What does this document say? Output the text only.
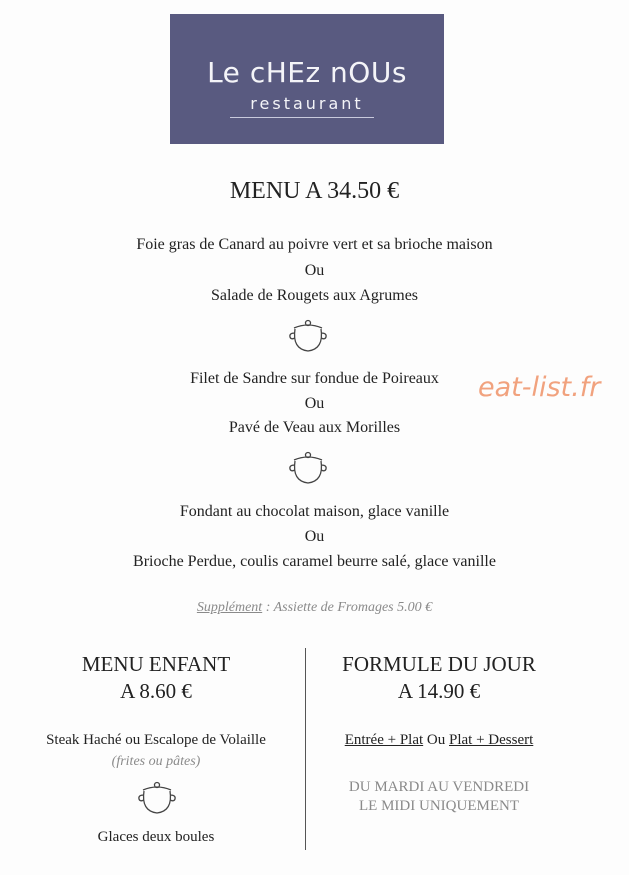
Le cHEz nOUs
restaurant
MENU A 34.50 €
Foie gras de Canard au poivre vert et sa brioche maison
Ou
Salade de Rougets aux Agrumes
Filet de Sandre sur fondue de Poireaux
Ou
Pavé de Veau aux Morilles
Fondant au chocolat maison, glace vanille
Ou
Brioche Perdue, coulis caramel beurre salé, glace vanille
eat-list.fr
Supplément : Assiette de Fromages 5.00 €
MENU ENFANT
A 8.60 €
Steak Haché ou Escalope de Volaille
(frites ou pâtes)
Glaces deux boules
FORMULE DU JOUR
A 14.90 €
Entrée + Plat Ou Plat + Dessert
DU MARDI AU VENDREDI
LE MIDI UNIQUEMENT
